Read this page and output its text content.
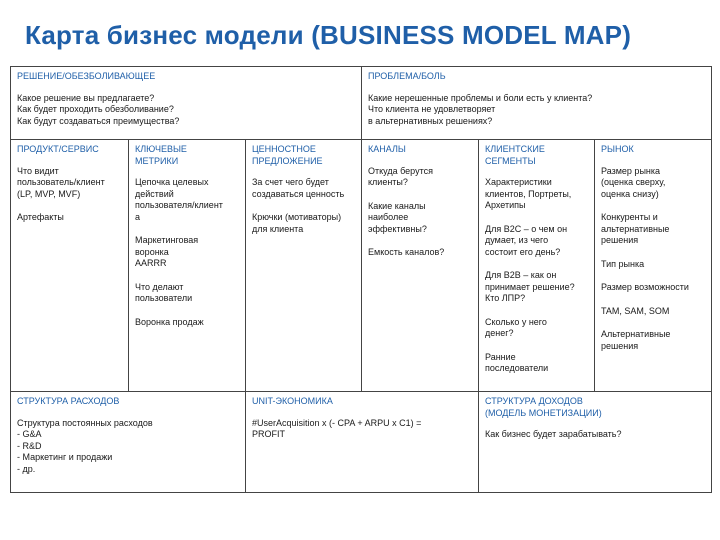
Карта бизнес модели (BUSINESS MODEL MAP)
РЕШЕНИЕ/ОБЕЗБОЛИВАЮЩЕЕ
Какое решение вы предлагаете?
Как будет проходить обезболивание?
Как будут создаваться преимущества?
ПРОБЛЕМА/БОЛЬ
Какие нерешенные проблемы и боли есть у клиента?
Что клиента не удовлетворяет
в альтернативных решениях?
ПРОДУКТ/СЕРВИС
Что видит
пользователь/клиент
(LP, MVP, MVF)
Артефакты
КЛЮЧЕВЫЕ
МЕТРИКИ
Цепочка целевых
действий
пользователя/клиент
а
Маркетинговая
воронка
AARRR
Что делают
пользователи
Воронка продаж
ЦЕННОСТНОЕ
ПРЕДЛОЖЕНИЕ
За счет чего будет
создаваться ценность
Крючки (мотиваторы)
для клиента
КАНАЛЫ
Откуда берутся
клиенты?
Какие каналы
наиболее
эффективны?
Емкость каналов?
КЛИЕНТСКИЕ
СЕГМЕНТЫ
Характеристики
клиентов, Портреты,
Архетипы
Для B2C – о чем он
думает, из чего
состоит его день?
Для B2B – как он
принимает решение?
Кто ЛПР?
Сколько у него
денег?
Ранние
последователи
РЫНОК
Размер рынка
(оценка сверху,
оценка снизу)
Конкуренты и
альтернативные
решения
Тип рынка
Размер возможности
TAM, SAM, SOM
Альтернативные
решения
СТРУКТУРА РАСХОДОВ
Структура постоянных расходов
- G&A
- R&D
- Маркетинг и продажи
- др.
UNIT-ЭКОНОМИКА
#UserAcquisition x (- CPA + ARPU x C1) =
PROFIT
СТРУКТУРА ДОХОДОВ
(МОДЕЛЬ МОНЕТИЗАЦИИ)
Как бизнес будет зарабатывать?
